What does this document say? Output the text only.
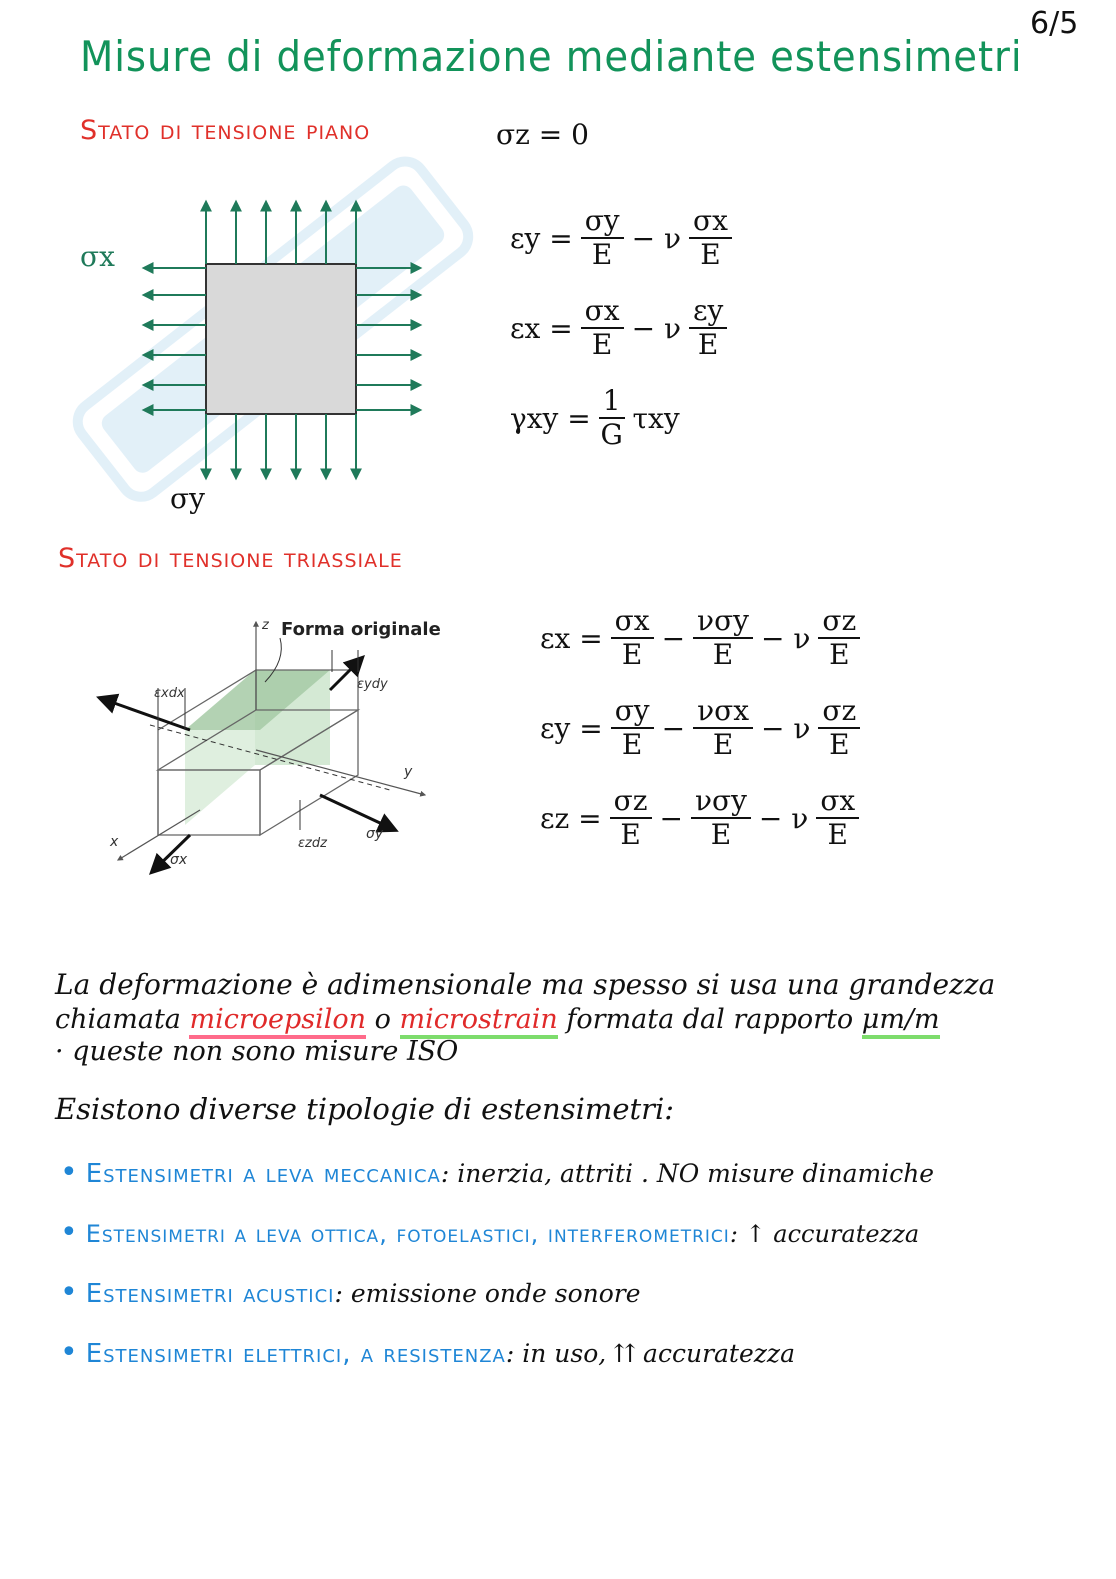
6/5
Misure di deformazione mediante estensimetri
Stato di tensione piano	σz = 0
σx
σy
$\varepsilon y = \frac{\sigma y}{E} - \nu \frac{\sigma x}{E}$
$\varepsilon x = \frac{\sigma x}{E} - \nu \frac{\varepsilon y}{E}$
$\gamma xy = \frac{1}{G}$ τxy
Stato di tensione triassiale
z Forma originale
εxdx
εydy
εzdz
y
x
σx
σy
$\varepsilon x = \frac{\sigma x}{E} - \frac{\text{νσy}}{E} - \nu \frac{\sigma z}{E}$
$\varepsilon y = \frac{\sigma y}{E} - \frac{\text{νσx}}{E} - \nu \frac{\sigma z}{E}$
$\varepsilon z = \frac{\sigma z}{E} - \frac{\text{νσy}}{E} - \nu \frac{\sigma x}{E}$
La deformazione è adimensionale ma spesso si usa una grandezza
chiamata microepsilon o microstrain formata dal rapporto μm/m
· queste non sono misure ISO
Esistono diverse tipologie di estensimetri:
• Estensimetri a leva meccanica: inerzia, attriti . NO misure dinamiche
• Estensimetri a leva ottica, fotoelastici, interferometrici: ↑ accuratezza
• Estensimetri acustici: emissione onde sonore
• Estensimetri elettrici, a resistenza: in uso, ⇈ accuratezza
